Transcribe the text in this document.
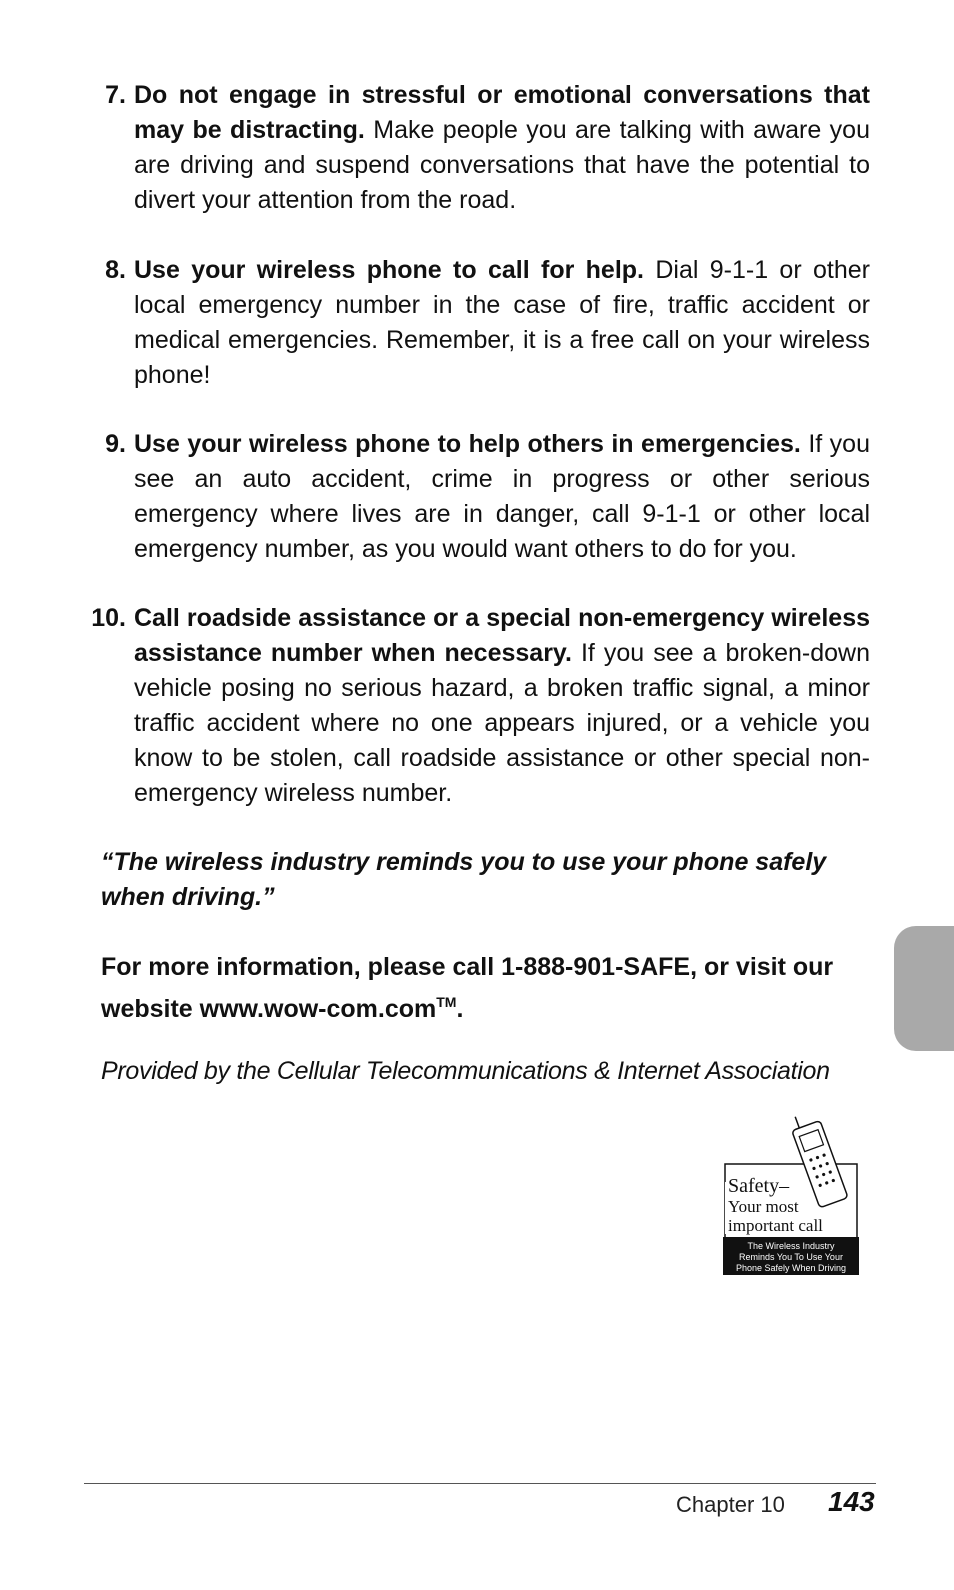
7. Do not engage in stressful or emotional conversations that may be distracting. Make people you are talking with aware you are driving and suspend conversations that have the potential to divert your attention from the road.
8. Use your wireless phone to call for help. Dial 9-1-1 or other local emergency number in the case of fire, traffic accident or medical emergencies. Remember, it is a free call on your wireless phone!
9. Use your wireless phone to help others in emergencies. If you see an auto accident, crime in progress or other serious emergency where lives are in danger, call 9-1-1 or other local emergency number, as you would want others to do for you.
10. Call roadside assistance or a special non-emergency wireless assistance number when necessary. If you see a broken-down vehicle posing no serious hazard, a broken traffic signal, a minor traffic accident where no one appears injured, or a vehicle you know to be stolen, call roadside assistance or other special non-emergency wireless number.
“The wireless industry reminds you to use your phone safely when driving.”
For more information, please call 1-888-901-SAFE, or visit our website www.wow-com.com™.
Provided by the Cellular Telecommunications & Internet Association
Safety–
Your most
important call
The Wireless Industry
Reminds You To Use Your
Phone Safely When Driving
Chapter 10 143
